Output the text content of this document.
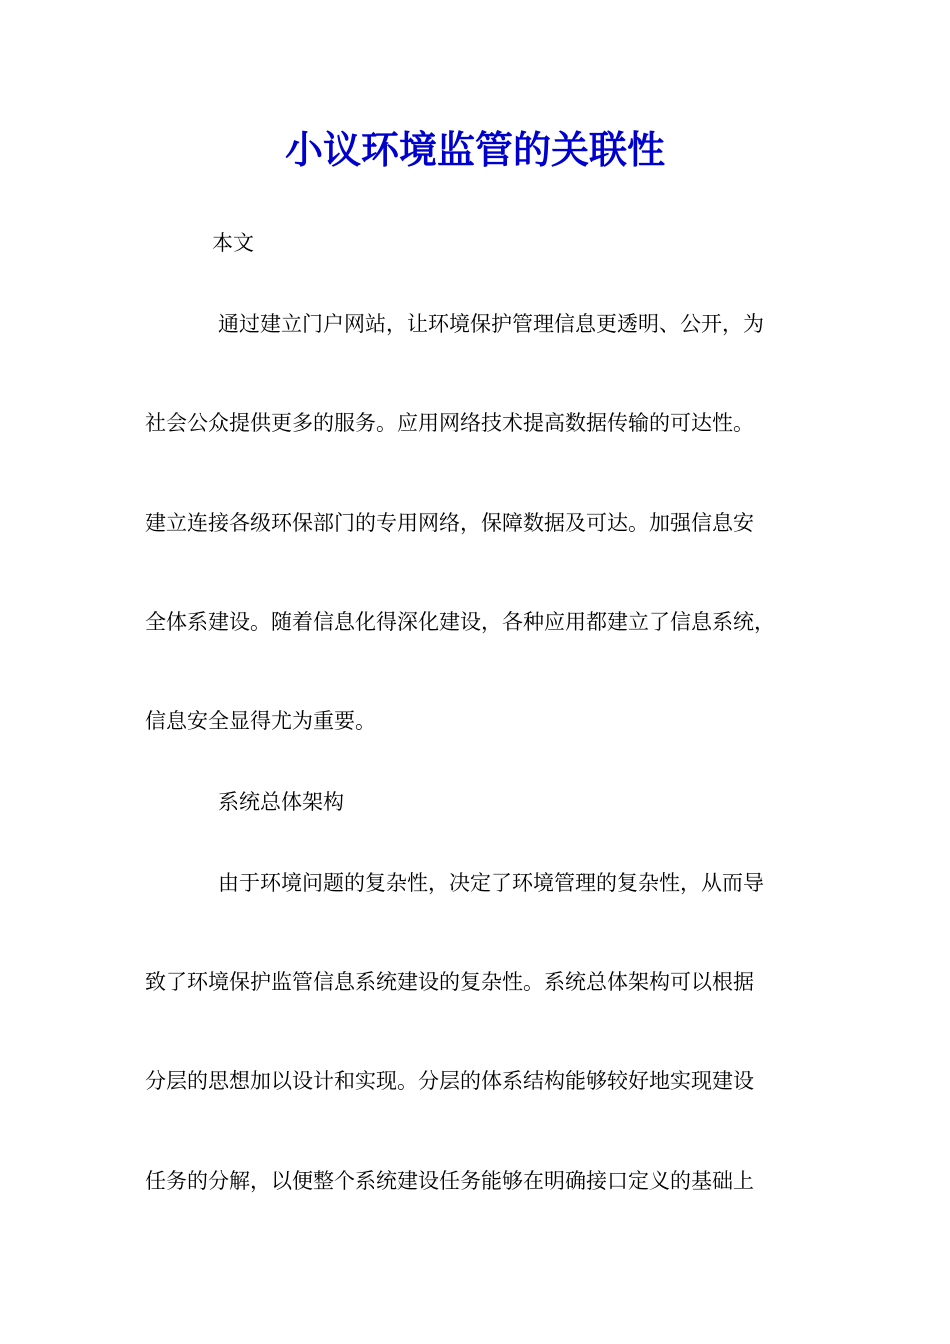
小议环境监管的关联性
本文
通过建立门户网站，让环境保护管理信息更透明、公开，为
社会公众提供更多的服务。应用网络技术提高数据传输的可达性。
建立连接各级环保部门的专用网络，保障数据及可达。加强信息安
全体系建设。随着信息化得深化建设，各种应用都建立了信息系统，
信息安全显得尤为重要。
系统总体架构
由于环境问题的复杂性，决定了环境管理的复杂性，从而导
致了环境保护监管信息系统建设的复杂性。系统总体架构可以根据
分层的思想加以设计和实现。分层的体系结构能够较好地实现建设
任务的分解，以便整个系统建设任务能够在明确接口定义的基础上
